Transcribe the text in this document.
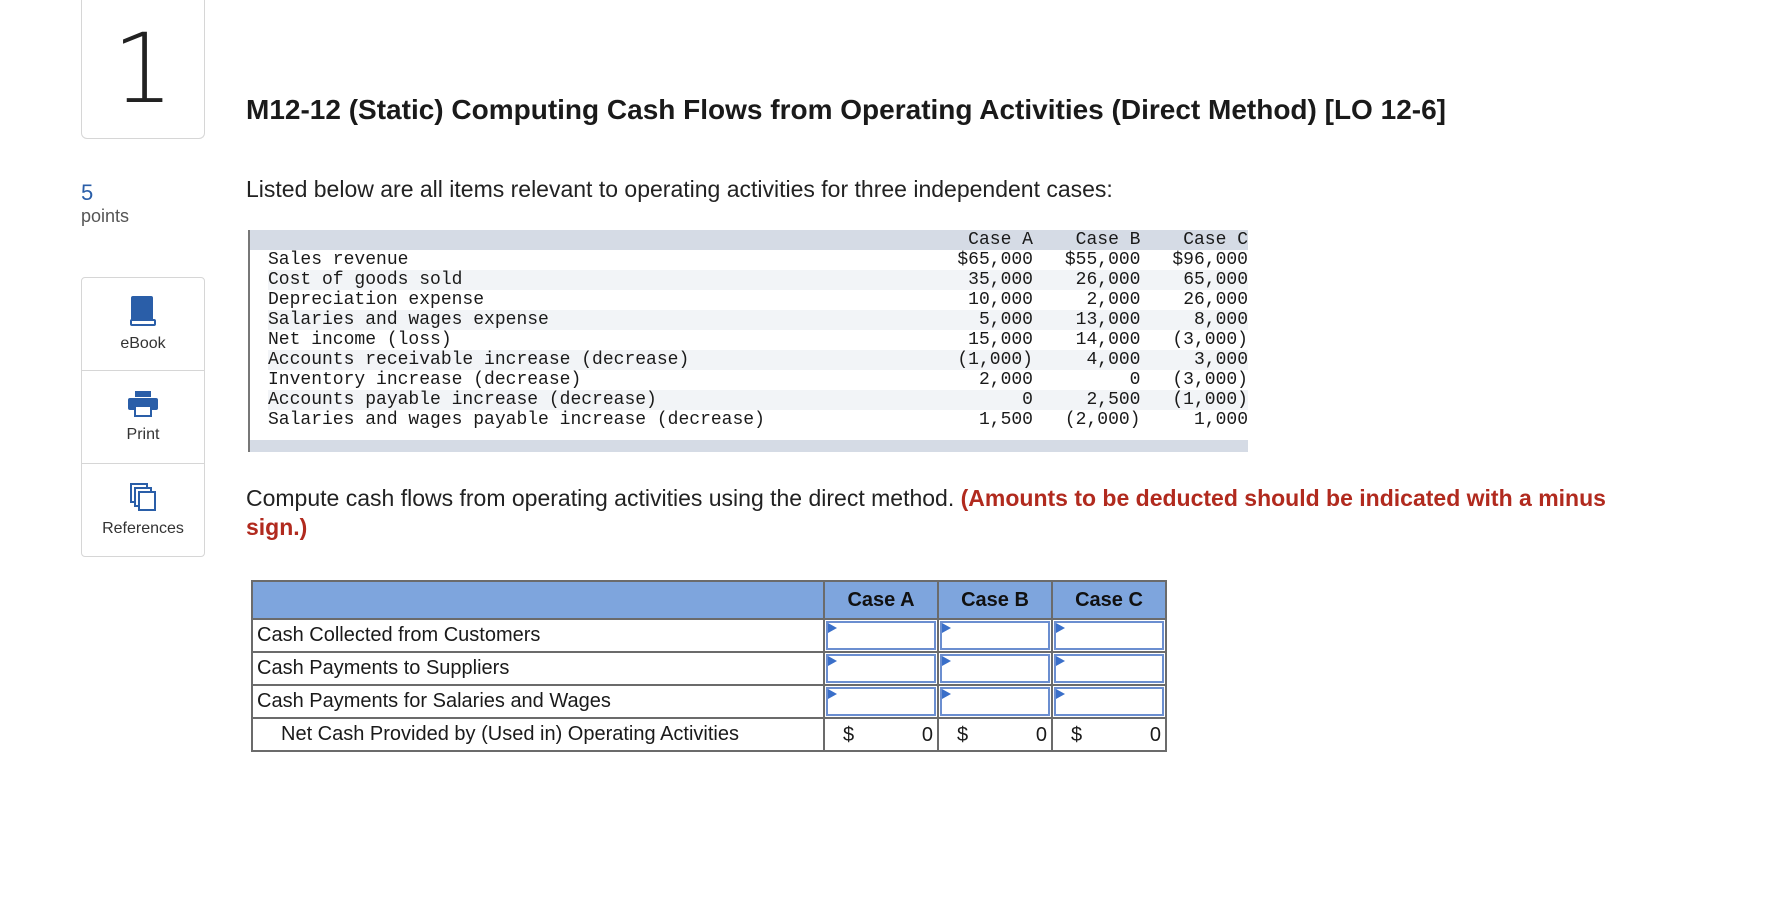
1
5
points
eBook
Print
References
M12-12 (Static) Computing Cash Flows from Operating Activities (Direct Method) [LO 12-6]
Listed below are all items relevant to operating activities for three independent cases:
	Case A	Case B	Case C
Sales revenue	$65,000	$55,000	$96,000
Cost of goods sold	35,000	26,000	65,000
Depreciation expense	10,000	2,000	26,000
Salaries and wages expense	5,000	13,000	8,000
Net income (loss)	15,000	14,000	(3,000)
Accounts receivable increase (decrease)	(1,000)	4,000	3,000
Inventory increase (decrease)	2,000	0	(3,000)
Accounts payable increase (decrease)	0	2,500	(1,000)
Salaries and wages payable increase (decrease)	1,500	(2,000)	1,000
Compute cash flows from operating activities using the direct method. (Amounts to be deducted should be indicated with a minus sign.)
	Case A	Case B	Case C
Cash Collected from Customers	

Cash Payments to Suppliers	

Cash Payments for Salaries and Wages	

Net Cash Provided by (Used in) Operating Activities	$ 0	$ 0	$ 0
